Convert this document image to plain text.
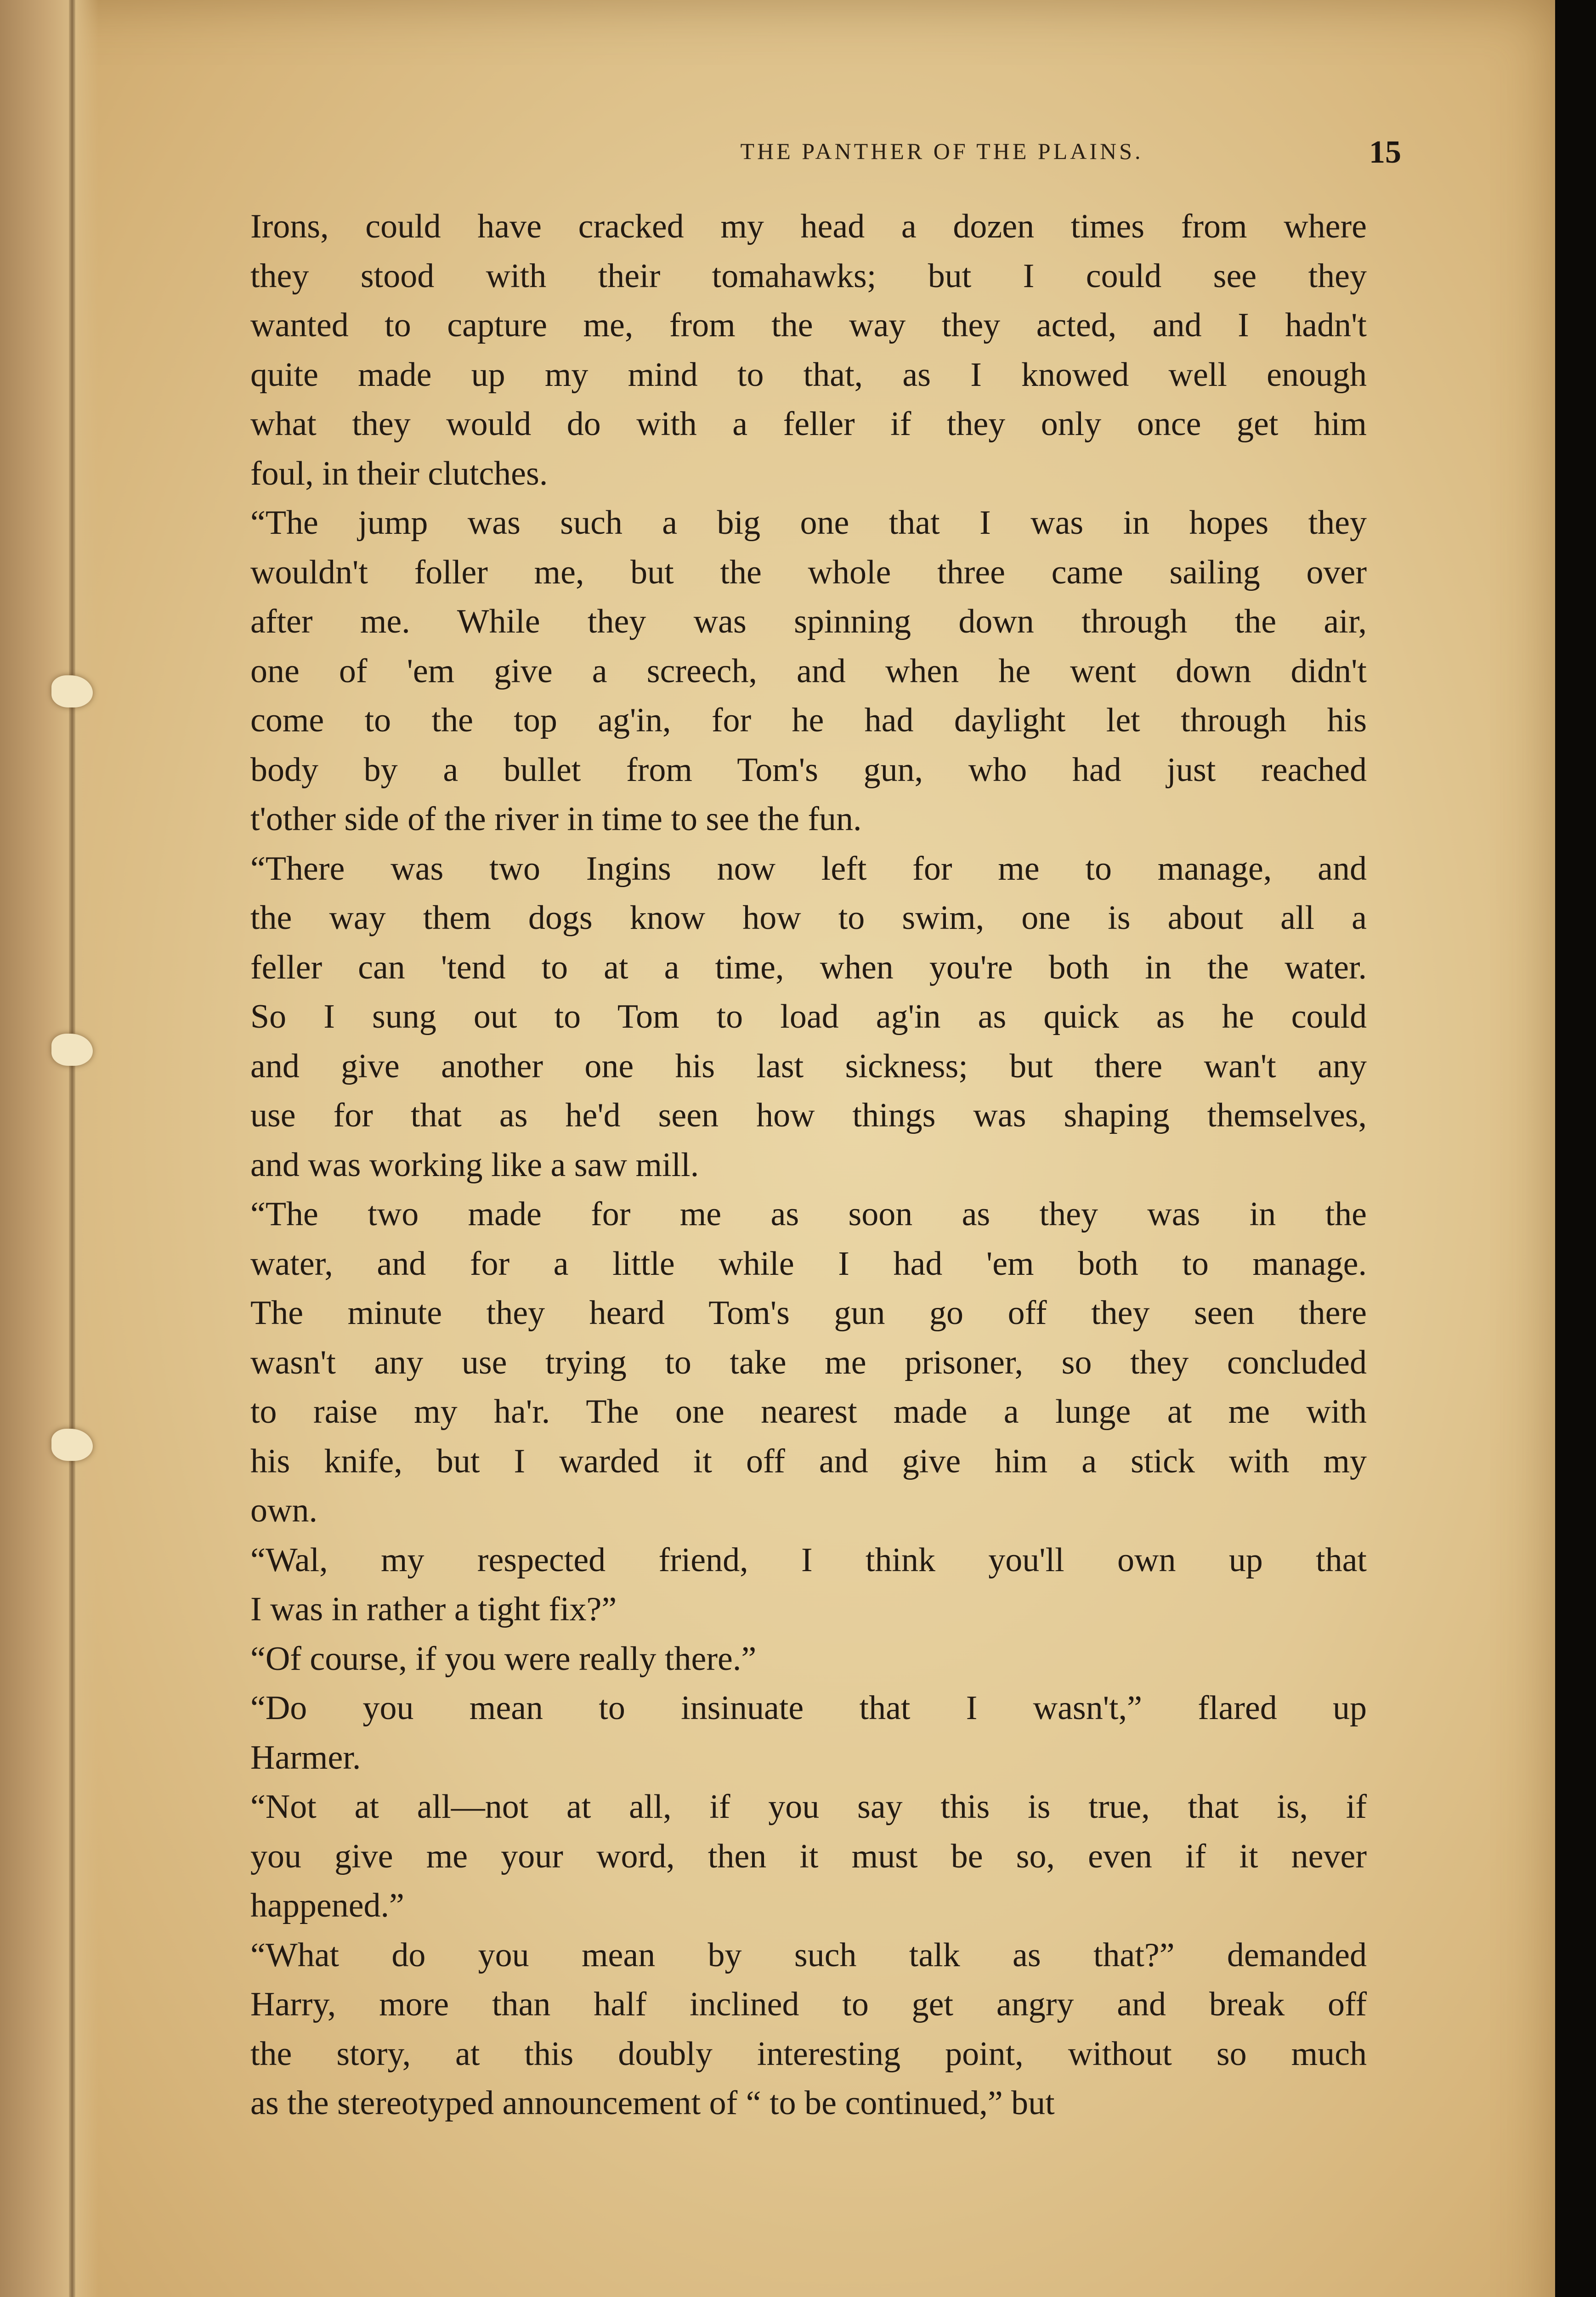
THE PANTHER OF THE PLAINS.	15
Irons, could have cracked my head a dozen times from where
they stood with their tomahawks; but I could see they
wanted to capture me, from the way they acted, and I hadn't
quite made up my mind to that, as I knowed well enough
what they would do with a feller if they only once get him
foul, in their clutches.
“The jump was such a big one that I was in hopes they
wouldn't foller me, but the whole three came sailing over
after me. While they was spinning down through the air,
one of 'em give a screech, and when he went down didn't
come to the top ag'in, for he had daylight let through his
body by a bullet from Tom's gun, who had just reached
t'other side of the river in time to see the fun.
“There was two Ingins now left for me to manage, and
the way them dogs know how to swim, one is about all a
feller can 'tend to at a time, when you're both in the water.
So I sung out to Tom to load ag'in as quick as he could
and give another one his last sickness; but there wan't any
use for that as he'd seen how things was shaping themselves,
and was working like a saw mill.
“The two made for me as soon as they was in the
water, and for a little while I had 'em both to manage.
The minute they heard Tom's gun go off they seen there
wasn't any use trying to take me prisoner, so they concluded
to raise my ha'r. The one nearest made a lunge at me with
his knife, but I warded it off and give him a stick with my
own.
“Wal, my respected friend, I think you'll own up that
I was in rather a tight fix?”
“Of course, if you were really there.”
“Do you mean to insinuate that I wasn't,” flared up
Harmer.
“Not at all—not at all, if you say this is true, that is, if
you give me your word, then it must be so, even if it never
happened.”
“What do you mean by such talk as that?” demanded
Harry, more than half inclined to get angry and break off
the story, at this doubly interesting point, without so much
as the stereotyped announcement of “ to be continued,” but
